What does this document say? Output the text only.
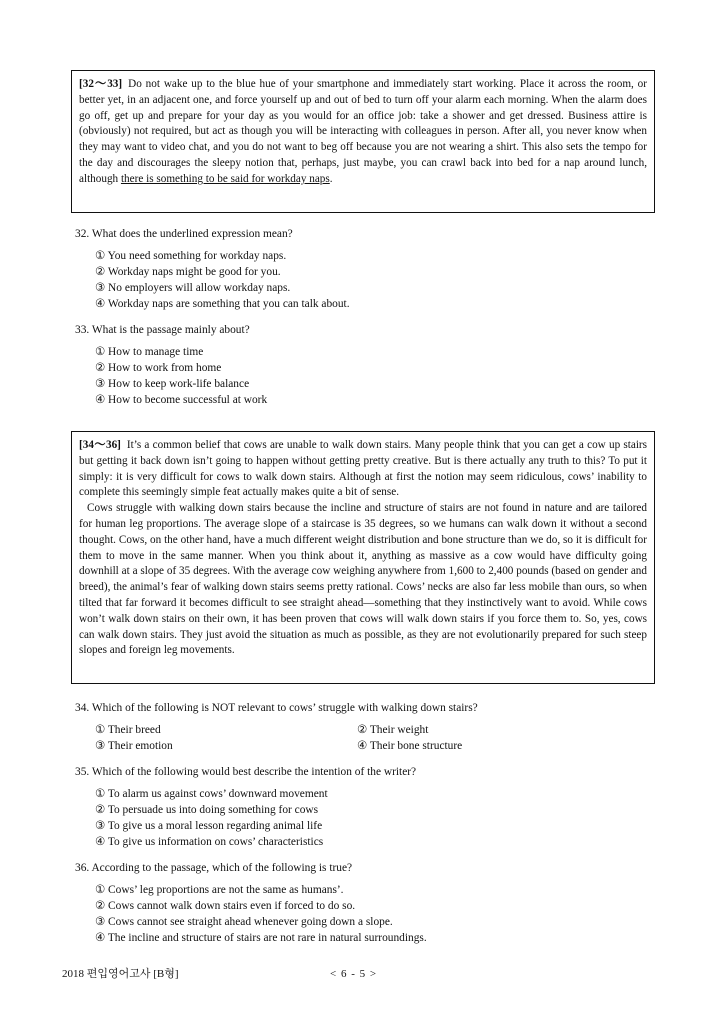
[32～33] Do not wake up to the blue hue of your smartphone and immediately start working. Place it across the room, or better yet, in an adjacent one, and force yourself up and out of bed to turn off your alarm each morning. When the alarm does go off, get up and prepare for your day as you would for an office job: take a shower and get dressed. Business attire is (obviously) not required, but act as though you will be interacting with colleagues in person. After all, you never know when they may want to video chat, and you do not want to beg off because you are not wearing a shirt. This also sets the tempo for the day and discourages the sleepy notion that, perhaps, just maybe, you can crawl back into bed for a nap around lunch, although there is something to be said for workday naps.

32. What does the underlined expression mean?
① You need something for workday naps.
② Workday naps might be good for you.
③ No employers will allow workday naps.
④ Workday naps are something that you can talk about.
33. What is the passage mainly about?
① How to manage time
② How to work from home
③ How to keep work-life balance
④ How to become successful at work

[34～36] It’s a common belief that cows are unable to walk down stairs. Many people think that you can get a cow up stairs but getting it back down isn’t going to happen without getting pretty creative. But is there actually any truth to this? To put it simply: it is very difficult for cows to walk down stairs. Although at first the notion may seem ridiculous, cows’ inability to complete this seemingly simple feat actually makes quite a bit of sense.

Cows struggle with walking down stairs because the incline and structure of stairs are not found in nature and are tailored for human leg proportions. The average slope of a staircase is 35 degrees, so we humans can walk down it without a second thought. Cows, on the other hand, have a much different weight distribution and bone structure than we do, so it is difficult for them to move in the same manner. When you think about it, anything as massive as a cow would have difficulty going downhill at a slope of 35 degrees. With the average cow weighing anywhere from 1,600 to 2,400 pounds (based on gender and breed), the animal’s fear of walking down stairs seems pretty rational. Cows’ necks are also far less mobile than ours, so when tilted that far forward it becomes difficult to see straight ahead—something that they instinctively want to avoid. While cows won’t walk down stairs on their own, it has been proven that cows will walk down stairs if you force them to. So, yes, cows can walk down stairs. They just avoid the situation as much as possible, as they are not evolutionarily prepared for such steep slopes and foreign leg movements.

34. Which of the following is NOT relevant to cows’ struggle with walking down stairs?
① Their breed	② Their weight
③ Their emotion	④ Their bone structure
35. Which of the following would best describe the intention of the writer?
① To alarm us against cows’ downward movement
② To persuade us into doing something for cows
③ To give us a moral lesson regarding animal life
④ To give us information on cows’ characteristics
36. According to the passage, which of the following is true?
① Cows’ leg proportions are not the same as humans’.
② Cows cannot walk down stairs even if forced to do so.
③ Cows cannot see straight ahead whenever going down a slope.
④ The incline and structure of stairs are not rare in natural surroundings.
2018 편입영어고사 [B형]	< 6 - 5 >
